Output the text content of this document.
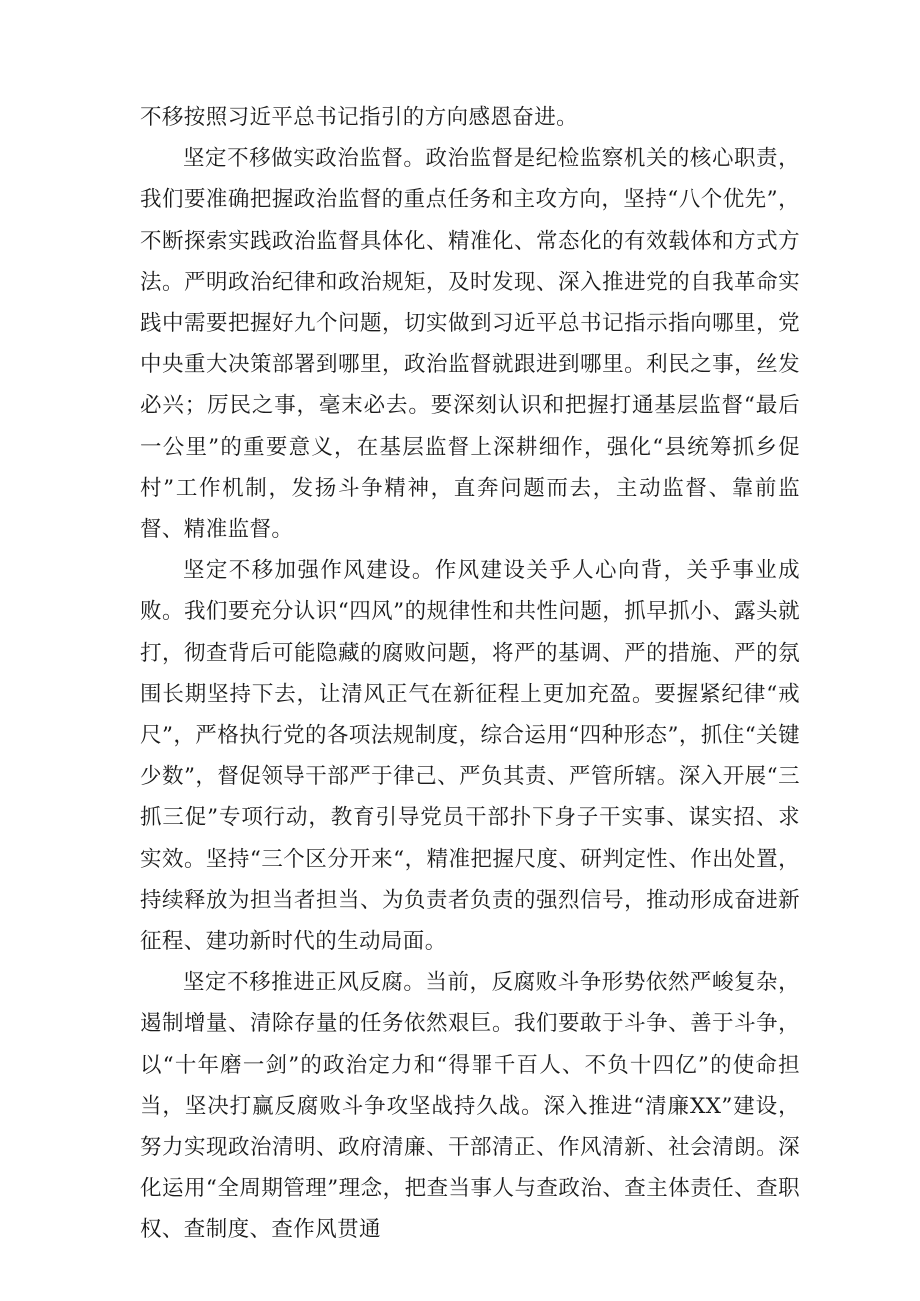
不移按照习近平总书记指引的方向感恩奋进。

坚定不移做实政治监督。政治监督是纪检监察机关的核心职责，我们要准确把握政治监督的重点任务和主攻方向，坚持“八个优先”，不断探索实践政治监督具体化、精准化、常态化的有效载体和方式方法。严明政治纪律和政治规矩，及时发现、深入推进党的自我革命实践中需要把握好九个问题，切实做到习近平总书记指示指向哪里，党中央重大决策部署到哪里，政治监督就跟进到哪里。利民之事，丝发必兴；厉民之事，毫末必去。要深刻认识和把握打通基层监督“最后一公里”的重要意义，在基层监督上深耕细作，强化“县统筹抓乡促村”工作机制，发扬斗争精神，直奔问题而去，主动监督、靠前监督、精准监督。

坚定不移加强作风建设。作风建设关乎人心向背，关乎事业成败。我们要充分认识“四风”的规律性和共性问题，抓早抓小、露头就打，彻查背后可能隐藏的腐败问题，将严的基调、严的措施、严的氛围长期坚持下去，让清风正气在新征程上更加充盈。要握紧纪律“戒尺”，严格执行党的各项法规制度，综合运用“四种形态”，抓住“关键少数”，督促领导干部严于律己、严负其责、严管所辖。深入开展“三抓三促”专项行动，教育引导党员干部扑下身子干实事、谋实招、求实效。坚持“三个区分开来“，精准把握尺度、研判定性、作出处置，持续释放为担当者担当、为负责者负责的强烈信号，推动形成奋进新征程、建功新时代的生动局面。

坚定不移推进正风反腐。当前，反腐败斗争形势依然严峻复杂，遏制增量、清除存量的任务依然艰巨。我们要敢于斗争、善于斗争，以“十年磨一剑”的政治定力和“得罪千百人、不负十四亿”的使命担当，坚决打赢反腐败斗争攻坚战持久战。深入推进“清廉XX”建设，努力实现政治清明、政府清廉、干部清正、作风清新、社会清朗。深化运用“全周期管理”理念，把查当事人与查政治、查主体责任、查职权、查制度、查作风贯通
